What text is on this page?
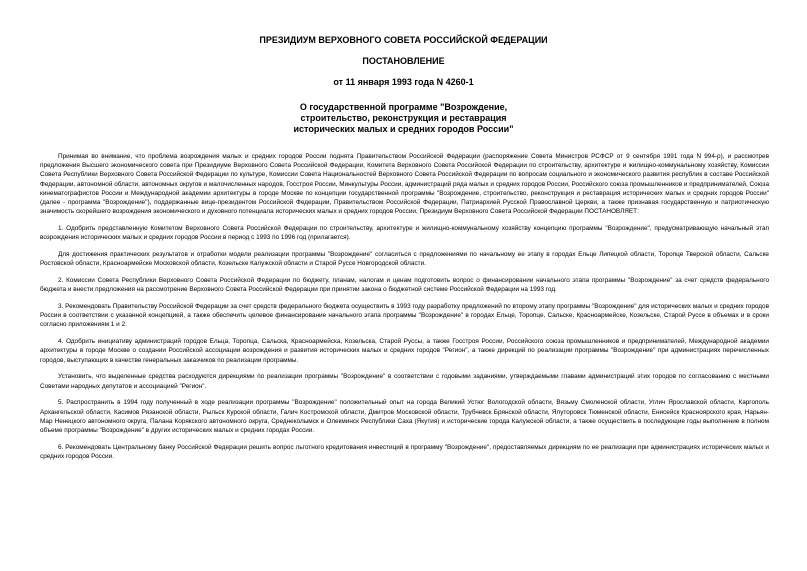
ПРЕЗИДИУМ ВЕРХОВНОГО СОВЕТА РОССИЙСКОЙ ФЕДЕРАЦИИ
ПОСТАНОВЛЕНИЕ
от 11 января 1993 года N 4260-1
О государственной программе "Возрождение,
строительство, реконструкция и реставрация
исторических малых и средних городов России"

Принимая во внимание, что проблема возрождения малых и средних городов России поднята Правительством Российской Федерации (распоряжение Совета Министров РСФСР от 9 сентября 1991 года N 994-р), и рассмотрев предложения Высшего экономического совета при Президиуме Верховного Совета Российской Федерации, Комитета Верховного Совета Российской Федерации по строительству, архитектуре и жилищно-коммунальному хозяйству, Комиссии Совета Республики Верховного Совета Российской Федерации по культуре, Комиссии Совета Национальностей Верховного Совета Российской Федерации по вопросам социального и экономического развития республик в составе Российской Федерации, автономной области, автономных округов и малочисленных народов, Госстроя России, Минкультуры России, администраций ряда малых и средних городов России, Российского союза промышленников и предпринимателей, Союза кинематографистов России и Международной академии архитектуры в городе Москве по концепции государственной программы "Возрождение, строительство, реконструкция и реставрация исторических малых и средних городов России" (далее - программа "Возрождение"), поддержанные вице-президентом Российской Федерации, Правительством Российской Федерации, Патриархией Русской Православной Церкви, а также признавая государственную и патриотическую значимость скорейшего возрождения экономического и духовного потенциала исторических малых и средних городов России, Президиум Верховного Совета Российской Федерации ПОСТАНОВЛЯЕТ:

1. Одобрить представленную Комитетом Верховного Совета Российской Федерации по строительству, архитектуре и жилищно-коммунальному хозяйству концепцию программы "Возрождение", предусматривающую начальный этап возрождения исторических малых и средних городов России в период с 1993 по 1996 год (прилагается).

Для достижения практических результатов и отработки модели реализации программы "Возрождение" согласиться с предложениями по начальному ее этапу в городах Ельце Липецкой области, Торопце Тверской области, Сальске Ростовской области, Красноармейске Московской области, Козельске Калужской области и Старой Руссе Новгородской области.

2. Комиссии Совета Республики Верховного Совета Российской Федерации по бюджету, планам, налогам и ценам подготовить вопрос о финансировании начального этапа программы "Возрождение" за счет средств федерального бюджета и внести предложения на рассмотрение Верховного Совета Российской Федерации при принятии закона о бюджетной системе Российской Федерации на 1993 год.

3. Рекомендовать Правительству Российской Федерации за счет средств федерального бюджета осуществить в 1993 году разработку предложений по второму этапу программы "Возрождение" для исторических малых и средних городов России в соответствии с указанной концепцией, а также обеспечить целевое финансирование начального этапа программы "Возрождение" в городах Ельце, Торопце, Сальске, Красноармейске, Козельске, Старой Руссе в объемах и в сроки согласно приложениям 1 и 2.

4. Одобрить инициативу администраций городов Ельца, Торопца, Сальска, Красноармейска, Козельска, Старой Руссы, а также Госстроя России, Российского союза промышленников и предпринимателей, Международной академии архитектуры в городе Москве о создании Российской ассоциации возрождения и развития исторических малых и средних городов "Регион", а также дирекций по реализации программы "Возрождение" при администрациях перечисленных городов, выступающих в качестве генеральных заказчиков по реализации программы.

Установить, что выделенные средства расходуются дирекциями по реализации программы "Возрождение" в соответствии с годовыми заданиями, утверждаемыми главами администраций этих городов по согласованию с местными Советами народных депутатов и ассоциацией "Регион".

5. Распространить в 1994 году полученный в ходе реализации программы "Возрождение" положительный опыт на города Великий Устюг Вологодской области, Вязьму Смоленской области, Углич Ярославской области, Каргополь Архангельской области, Касимов Рязанской области, Рыльск Курской области, Галич Костромской области, Дмитров Московской области, Трубчевск Брянской области, Ялуторовск Тюменской области, Енисейск Красноярского края, Нарьян-Мар Ненецкого автономного округа, Палана Корякского автономного округа, Среднеколымск и Олекминск Республики Саха (Якутия) и исторические города Калужской области, а также осуществить в последующие годы выполнение в полном объеме программы "Возрождение" в других исторических малых и средних городах России.

6. Рекомендовать Центральному банку Российской Федерации решить вопрос льготного кредитования инвестиций в программу "Возрождение", предоставляемых дирекциям по ее реализации при администрациях исторических малых и средних городов России.
